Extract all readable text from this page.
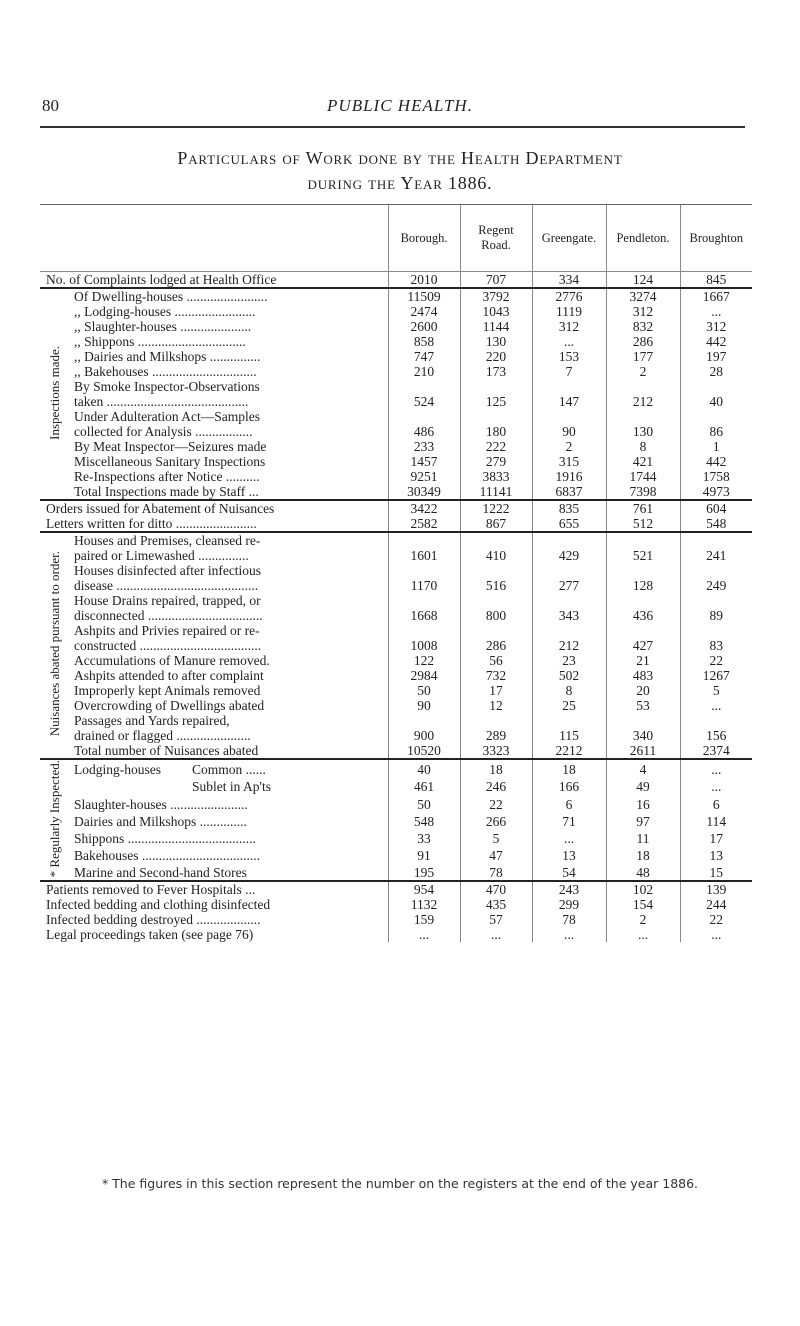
80	PUBLIC HEALTH.
Particulars of Work done by the Health Department
during the Year 1886.
		Borough.	Regent Road.	Greengate.	Pendleton.	Broughton
No. of Complaints lodged at Health Office		2010	707	334	124	845
Inspections made.	Of Dwelling-houses ........................	11509	3792	2776	3274	1667
	,, Lodging-houses ........................	2474	1043	1119	312	...
	,, Slaughter-houses .....................	2600	1144	312	832	312
	,, Shippons ................................	858	130	...	286	442
	,, Dairies and Milkshops ...............	747	220	153	177	197
	,, Bakehouses ...............................	210	173	7	2	28
	By Smoke Inspector-Observations					
	taken ..........................................	524	125	147	212	40
	Under Adulteration Act—Samples					
	collected for Analysis .................	486	180	90	130	86
	By Meat Inspector—Seizures made	233	222	2	8	1
	Miscellaneous Sanitary Inspections	1457	279	315	421	442
	Re-Inspections after Notice ..........	9251	3833	1916	1744	1758
	Total Inspections made by Staff ...	30349	11141	6837	7398	4973
Orders issued for Abatement of Nuisances		3422	1222	835	761	604
Letters written for ditto ........................		2582	867	655	512	548
Nuisances abated pursuant to order.	Houses and Premises, cleansed re-					
	paired or Limewashed ...............	1601	410	429	521	241
	Houses disinfected after infectious					
	disease ..........................................	1170	516	277	128	249
	House Drains repaired, trapped, or					
	disconnected ..................................	1668	800	343	436	89
	Ashpits and Privies repaired or re-					
	constructed ....................................	1008	286	212	427	83
	Accumulations of Manure removed.	122	56	23	21	22
	Ashpits attended to after complaint	2984	732	502	483	1267
	Improperly kept Animals removed	50	17	8	20	5
	Overcrowding of Dwellings abated	90	12	25	53	...
	Passages and Yards repaired,					
	drained or flagged ......................	900	289	115	340	156
	Total number of Nuisances abated	10520	3323	2212	2611	2374
* Regularly Inspected.	Lodging-houses Common ......	40	18	18	4	...
	Sublet in Ap'ts	461	246	166	49	...
	Slaughter-houses .......................	50	22	6	16	6
	Dairies and Milkshops ..............	548	266	71	97	114
	Shippons ......................................	33	5	...	11	17
	Bakehouses ...................................	91	47	13	18	13
	Marine and Second-hand Stores	195	78	54	48	15
Patients removed to Fever Hospitals ...		954	470	243	102	139
Infected bedding and clothing disinfected		1132	435	299	154	244
Infected bedding destroyed ...................		159	57	78	2	22
Legal proceedings taken (see page 76)		...	...	...	...	...
* The figures in this section represent the number on the registers at the end of the year 1886.
